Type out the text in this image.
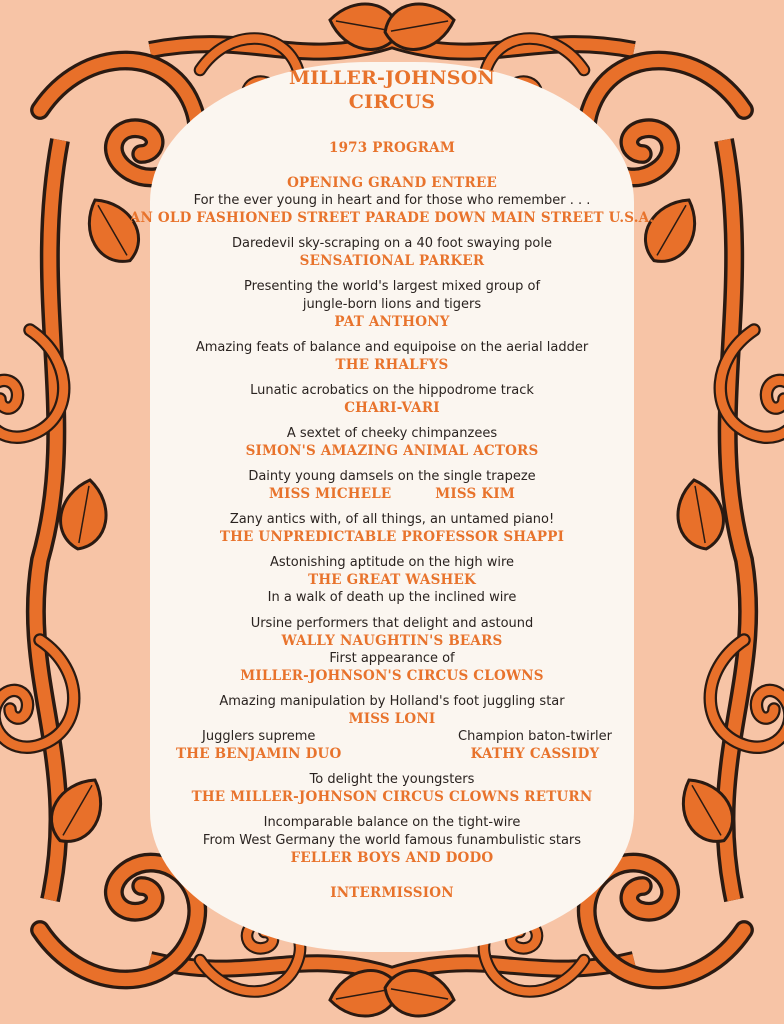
MILLER-JOHNSON
CIRCUS
1973 PROGRAM
OPENING GRAND ENTREE
For the ever young in heart and for those who remember . . .
AN OLD FASHIONED STREET PARADE DOWN MAIN STREET U.S.A.
Daredevil sky-scraping on a 40 foot swaying pole
SENSATIONAL PARKER
Presenting the world's largest mixed group of
jungle-born lions and tigers
PAT ANTHONY
Amazing feats of balance and equipoise on the aerial ladder
THE RHALFYS
Lunatic acrobatics on the hippodrome track
CHARI-VARI
A sextet of cheeky chimpanzees
SIMON'S AMAZING ANIMAL ACTORS
Dainty young damsels on the single trapeze
MISS MICHELE	MISS KIM
Zany antics with, of all things, an untamed piano!
THE UNPREDICTABLE PROFESSOR SHAPPI
Astonishing aptitude on the high wire
THE GREAT WASHEK
In a walk of death up the inclined wire
Ursine performers that delight and astound
WALLY NAUGHTIN'S BEARS
First appearance of
MILLER-JOHNSON'S CIRCUS CLOWNS
Amazing manipulation by Holland's foot juggling star
MISS LONI
Jugglers supreme
THE BENJAMIN DUO
Champion baton-twirler
KATHY CASSIDY
To delight the youngsters
THE MILLER-JOHNSON CIRCUS CLOWNS RETURN
Incomparable balance on the tight-wire
From West Germany the world famous funambulistic stars
FELLER BOYS AND DODO
INTERMISSION
